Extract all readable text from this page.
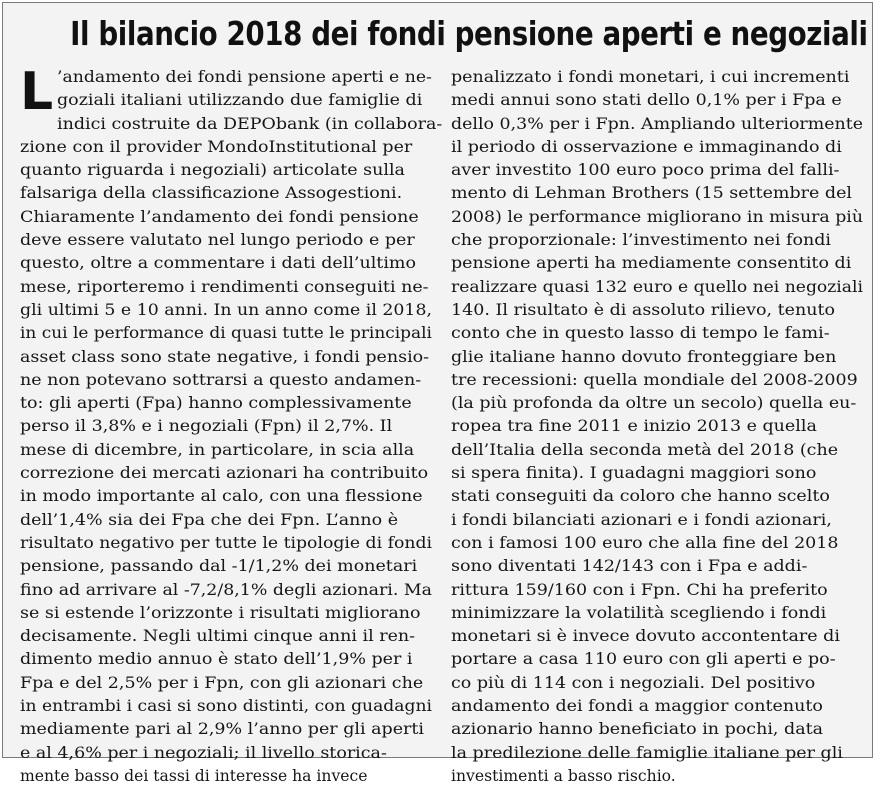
Il bilancio 2018 dei fondi pensione aperti e negoziali
L ’andamento dei fondi pensione aperti e ne-
goziali italiani utilizzando due famiglie di
indici costruite da DEPObank (in collabora-
zione con il provider MondoInstitutional per
quanto riguarda i negoziali) articolate sulla
falsariga della classificazione Assogestioni.
Chiaramente l’andamento dei fondi pensione
deve essere valutato nel lungo periodo e per
questo, oltre a commentare i dati dell’ultimo
mese, riporteremo i rendimenti conseguiti ne-
gli ultimi 5 e 10 anni. In un anno come il 2018,
in cui le performance di quasi tutte le principali
asset class sono state negative, i fondi pensio-
ne non potevano sottrarsi a questo andamen-
to: gli aperti (Fpa) hanno complessivamente
perso il 3,8% e i negoziali (Fpn) il 2,7%. Il
mese di dicembre, in particolare, in scia alla
correzione dei mercati azionari ha contribuito
in modo importante al calo, con una flessione
dell’1,4% sia dei Fpa che dei Fpn. L’anno è
risultato negativo per tutte le tipologie di fondi
pensione, passando dal -1/1,2% dei monetari
fino ad arrivare al -7,2/8,1% degli azionari. Ma
se si estende l’orizzonte i risultati migliorano
decisamente. Negli ultimi cinque anni il ren-
dimento medio annuo è stato dell’1,9% per i
Fpa e del 2,5% per i Fpn, con gli azionari che
in entrambi i casi si sono distinti, con guadagni
mediamente pari al 2,9% l’anno per gli aperti
e al 4,6% per i negoziali; il livello storica-
mente basso dei tassi di interesse ha invece
penalizzato i fondi monetari, i cui incrementi
medi annui sono stati dello 0,1% per i Fpa e
dello 0,3% per i Fpn. Ampliando ulteriormente
il periodo di osservazione e immaginando di
aver investito 100 euro poco prima del falli-
mento di Lehman Brothers (15 settembre del
2008) le performance migliorano in misura più
che proporzionale: l’investimento nei fondi
pensione aperti ha mediamente consentito di
realizzare quasi 132 euro e quello nei negoziali
140. Il risultato è di assoluto rilievo, tenuto
conto che in questo lasso di tempo le fami-
glie italiane hanno dovuto fronteggiare ben
tre recessioni: quella mondiale del 2008-2009
(la più profonda da oltre un secolo) quella eu-
ropea tra fine 2011 e inizio 2013 e quella
dell’Italia della seconda metà del 2018 (che
si spera finita). I guadagni maggiori sono
stati conseguiti da coloro che hanno scelto
i fondi bilanciati azionari e i fondi azionari,
con i famosi 100 euro che alla fine del 2018
sono diventati 142/143 con i Fpa e addi-
rittura 159/160 con i Fpn. Chi ha preferito
minimizzare la volatilità scegliendo i fondi
monetari si è invece dovuto accontentare di
portare a casa 110 euro con gli aperti e po-
co più di 114 con i negoziali. Del positivo
andamento dei fondi a maggior contenuto
azionario hanno beneficiato in pochi, data
la predilezione delle famiglie italiane per gli
investimenti a basso rischio.
